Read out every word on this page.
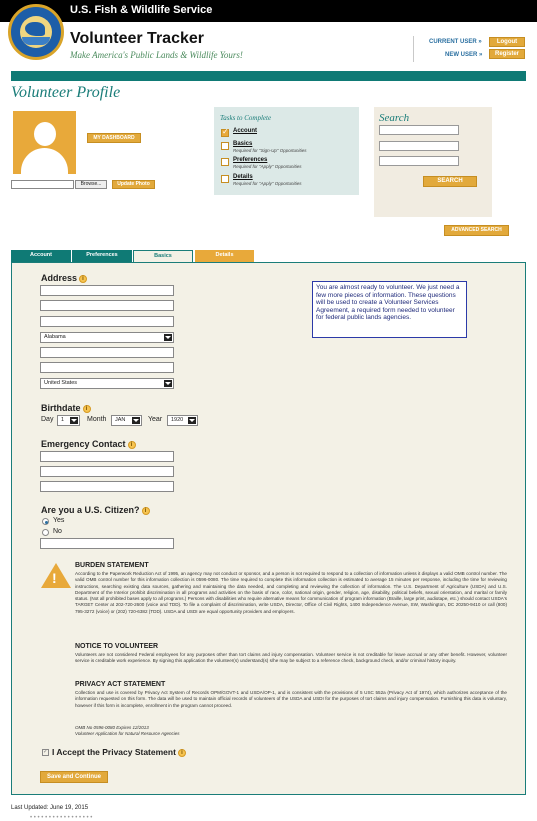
U.S. Fish & Wildlife Service
Volunteer Tracker
Make America's Public Lands & Wildlife Yours!
CURRENT USER »	Logout
NEW USER »	Register
Volunteer Profile
MY DASHBOARD
Browse...	Update Photo
Tasks to Complete
✓
Account
Basics
Required for "Sign-Up" Opportunities
Preferences
Required for "Apply" Opportunities
Details
Required for "Apply" Opportunities
Search
SEARCH
ADVANCED SEARCH
Account	Preferences	Basics	Details
Address i
Alabama
United States
You are almost ready to volunteer. We just need a few more pieces of information. These questions will be used to create a Volunteer Services Agreement, a required form needed to volunteer for federal public lands agencies.
Birthdate i
Day	1	Month	JAN	Year	1920
Emergency Contact i
Are you a U.S. Citizen? i
Yes
No
!
BURDEN STATEMENT
According to the Paperwork Reduction Act of 1995, an agency may not conduct or sponsor, and a person is not required to respond to a collection of information unless it displays a valid OMB control number. The valid OMB control number for this information collection is 0596-0080. The time required to complete this information collection is estimated to average 15 minutes per response, including the time for reviewing instructions, searching existing data sources, gathering and maintaining the data needed, and completing and reviewing the collection of information. The U.S. Department of Agriculture (USDA) and U.S. Department of the Interior prohibit discrimination in all programs and activities on the basis of race, color, national origin, gender, religion, age, disability, political beliefs, sexual orientation, and marital or family status. (Not all prohibited bases apply to all programs.) Persons with disabilities who require alternative means for communication of program information (Braille, large print, audiotape, etc.) should contact USDA's TARGET Center at 202-720-2600 (voice and TDD). To file a complaint of discrimination, write USDA, Director, Office of Civil Rights, 1400 Independence Avenue, SW, Washington, DC 20250-9410 or call (800) 795-3272 (voice) or (202) 720-6382 (TDD). USDA and USDI are equal opportunity providers and employers.
NOTICE TO VOLUNTEER
Volunteers are not considered Federal employees for any purposes other than tort claims and injury compensation. Volunteer service is not creditable for leave accrual or any other benefit. However, volunteer service is creditable work experience. By signing this application the volunteer(s) understand(s) s/he may be subject to a reference check, background check, and/or criminal history inquiry.
PRIVACY ACT STATEMENT
Collection and use is covered by Privacy Act System of Records OPM/GOVT-1 and USDA/OP-1, and is consistent with the provisions of 5 USC 552a (Privacy Act of 1974), which authorizes acceptance of the information requested on this form. The data will be used to maintain official records of volunteers of the USDA and USDI for the purposes of tort claims and injury compensation. Furnishing this data is voluntary, however if this form is incomplete, enrollment in the program cannot proceed.
OMB No 0596-0080 Expires 12/2013
Volunteer Application for Natural Resource Agencies
✓
I Accept the Privacy Statement i
Save and Continue
Last Updated: June 19, 2015
• • • • • • • • • • • • • • • • •
